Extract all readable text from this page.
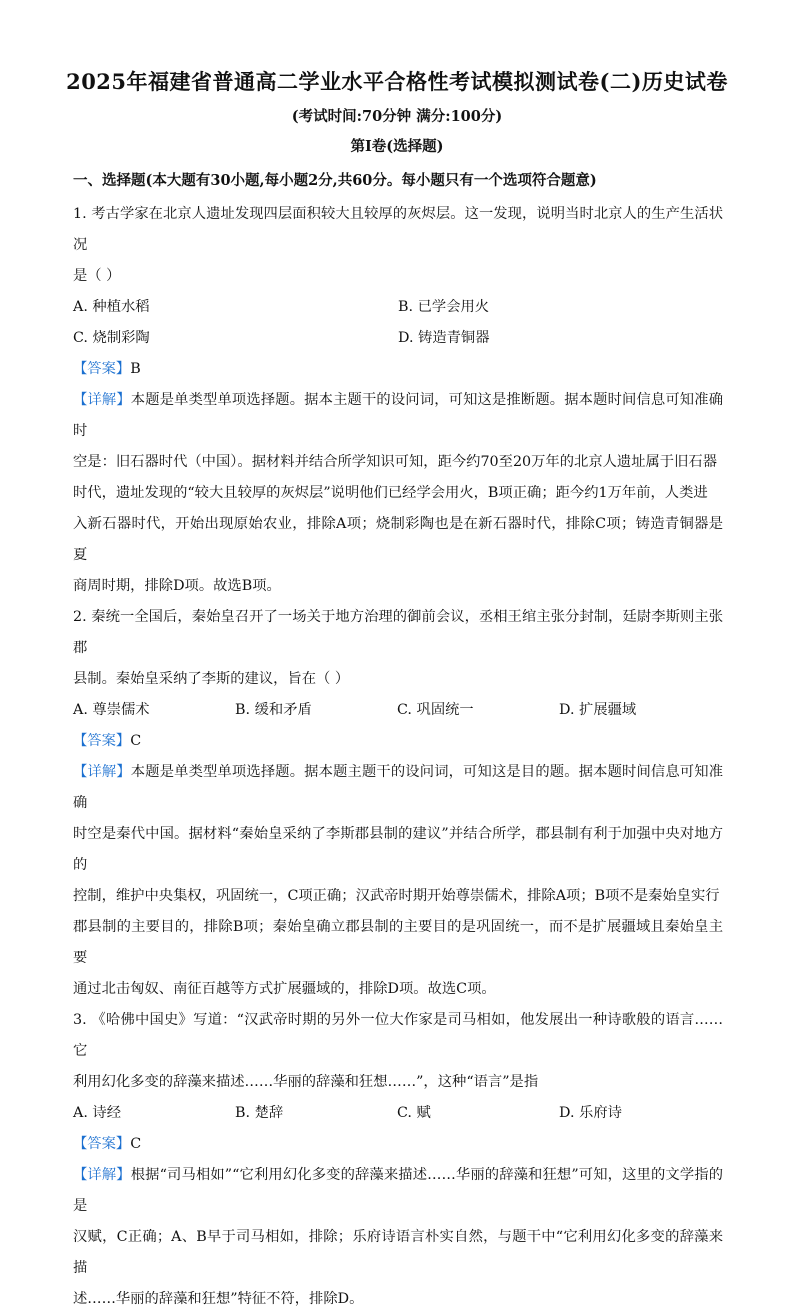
2025年福建省普通高二学业水平合格性考试模拟测试卷(二)历史试卷
(考试时间:70分钟 满分:100分)
第Ⅰ卷(选择题)
一、选择题(本大题有30小题,每小题2分,共60分。每小题只有一个选项符合题意)

1. 考古学家在北京人遗址发现四层面积较大且较厚的灰烬层。这一发现，说明当时北京人的生产生活状况

是（ ）

A. 种植水稻	B. 已学会用火
C. 烧制彩陶	D. 铸造青铜器

【答案】B

【详解】本题是单类型单项选择题。据本主题干的设问词，可知这是推断题。据本题时间信息可知准确时

空是：旧石器时代（中国）。据材料并结合所学知识可知，距今约70至20万年的北京人遗址属于旧石器

时代，遗址发现的“较大且较厚的灰烬层”说明他们已经学会用火，B项正确；距今约1万年前，人类进

入新石器时代，开始出现原始农业，排除A项；烧制彩陶也是在新石器时代，排除C项；铸造青铜器是夏

商周时期，排除D项。故选B项。

2. 秦统一全国后，秦始皇召开了一场关于地方治理的御前会议，丞相王绾主张分封制，廷尉李斯则主张郡

县制。秦始皇采纳了李斯的建议，旨在（ ）

A. 尊崇儒术	B. 缓和矛盾	C. 巩固统一	D. 扩展疆域

【答案】C

【详解】本题是单类型单项选择题。据本题主题干的设问词，可知这是目的题。据本题时间信息可知准确

时空是秦代中国。据材料“秦始皇采纳了李斯郡县制的建议”并结合所学，郡县制有利于加强中央对地方的

控制，维护中央集权，巩固统一，C项正确；汉武帝时期开始尊崇儒术，排除A项；B项不是秦始皇实行

郡县制的主要目的，排除B项；秦始皇确立郡县制的主要目的是巩固统一，而不是扩展疆域且秦始皇主要

通过北击匈奴、南征百越等方式扩展疆域的，排除D项。故选C项。

3. 《哈佛中国史》写道：“汉武帝时期的另外一位大作家是司马相如，他发展出一种诗歌般的语言……它

利用幻化多变的辞藻来描述……华丽的辞藻和狂想……”，这种“语言”是指

A. 诗经	B. 楚辞	C. 赋	D. 乐府诗

【答案】C

【详解】根据“司马相如”“它利用幻化多变的辞藻来描述……华丽的辞藻和狂想”可知，这里的文学指的是

汉赋，C正确；A、B早于司马相如，排除；乐府诗语言朴实自然，与题干中“它利用幻化多变的辞藻来描

述……华丽的辞藻和狂想”特征不符，排除D。
